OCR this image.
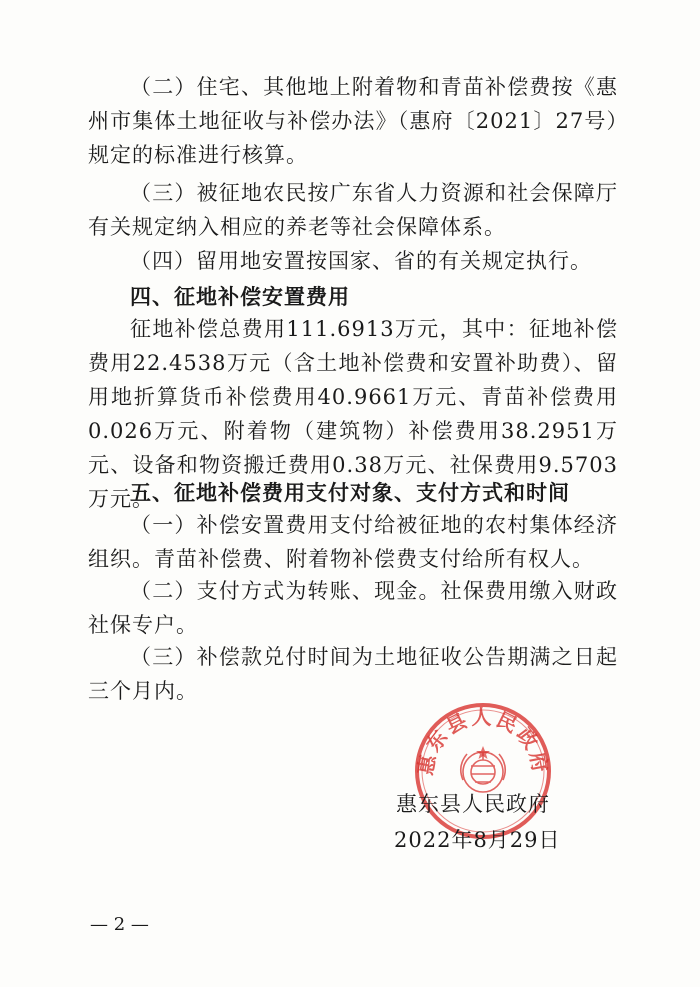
（二）住宅、其他地上附着物和青苗补偿费按《惠州市集体土地征收与补偿办法》（惠府〔2021〕27号）规定的标准进行核算。

（三）被征地农民按广东省人力资源和社会保障厅有关规定纳入相应的养老等社会保障体系。

（四）留用地安置按国家、省的有关规定执行。

四、征地补偿安置费用

征地补偿总费用111.6913万元，其中：征地补偿费用22.4538万元（含土地补偿费和安置补助费）、留用地折算货币补偿费用40.9661万元、青苗补偿费用0.026万元、附着物（建筑物）补偿费用38.2951万元、设备和物资搬迁费用0.38万元、社保费用9.5703万元。

五、征地补偿费用支付对象、支付方式和时间

（一）补偿安置费用支付给被征地的农村集体经济组织。青苗补偿费、附着物补偿费支付给所有权人。

（二）支付方式为转账、现金。社保费用缴入财政社保专户。

（三）补偿款兑付时间为土地征收公告期满之日起三个月内。

惠东县人民政府

惠东县人民政府

2022年8月29日

— 2 —
